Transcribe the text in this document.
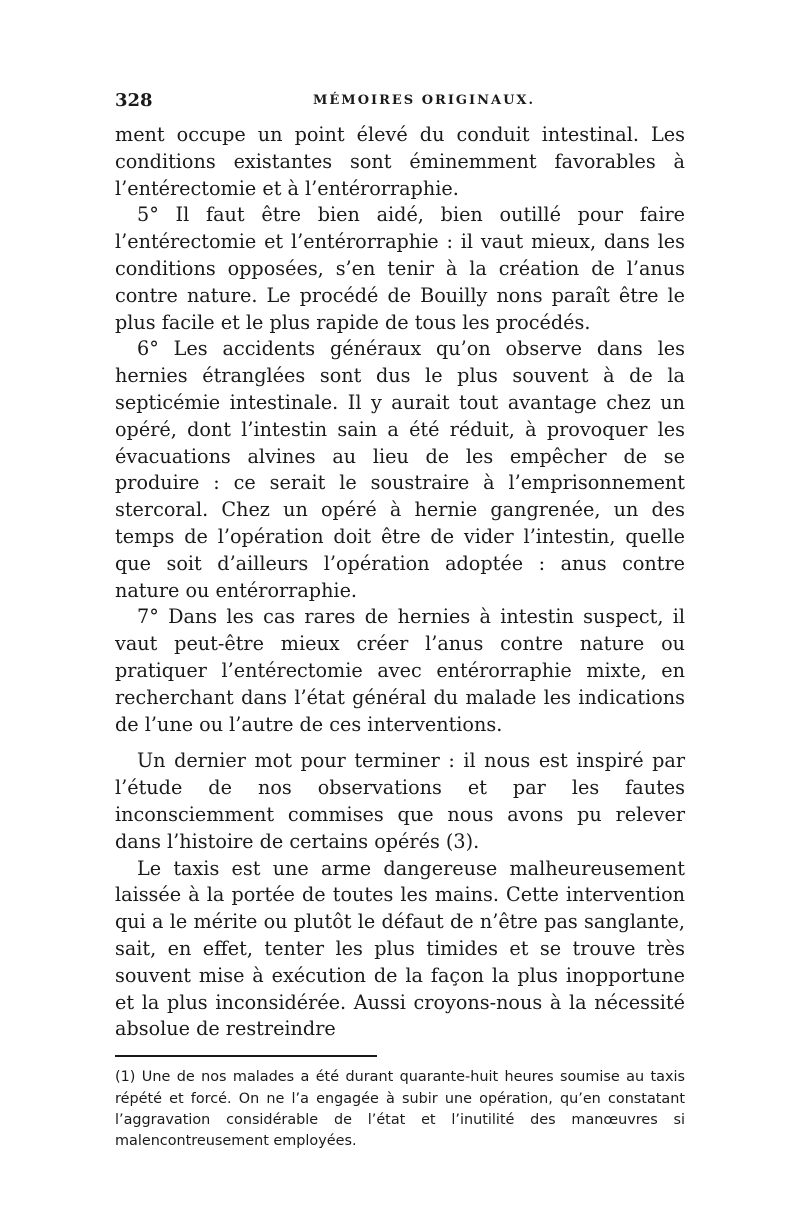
328	MÉMOIRES ORIGINAUX.

ment occupe un point élevé du conduit intestinal. Les conditions existantes sont éminemment favorables à l’entérectomie et à l’entérorraphie.

5° Il faut être bien aidé, bien outillé pour faire l’entérectomie et l’entérorraphie : il vaut mieux, dans les conditions opposées, s’en tenir à la création de l’anus contre nature. Le procédé de Bouilly nons paraît être le plus facile et le plus rapide de tous les procédés.

6° Les accidents généraux qu’on observe dans les hernies étranglées sont dus le plus souvent à de la septicémie intestinale. Il y aurait tout avantage chez un opéré, dont l’intestin sain a été réduit, à provoquer les évacuations alvines au lieu de les empêcher de se produire : ce serait le soustraire à l’emprisonnement stercoral. Chez un opéré à hernie gangrenée, un des temps de l’opération doit être de vider l’intestin, quelle que soit d’ailleurs l’opération adoptée : anus contre nature ou entérorraphie.

7° Dans les cas rares de hernies à intestin suspect, il vaut peut-être mieux créer l’anus contre nature ou pratiquer l’entérectomie avec entérorraphie mixte, en recherchant dans l’état général du malade les indications de l’une ou l’autre de ces interventions.

Un dernier mot pour terminer : il nous est inspiré par l’étude de nos observations et par les fautes inconsciemment commises que nous avons pu relever dans l’histoire de certains opérés (3).

Le taxis est une arme dangereuse malheureusement laissée à la portée de toutes les mains. Cette intervention qui a le mérite ou plutôt le défaut de n’être pas sanglante, sait, en effet, tenter les plus timides et se trouve très souvent mise à exécution de la façon la plus inopportune et la plus inconsidérée. Aussi croyons-nous à la nécessité absolue de restreindre

(1) Une de nos malades a été durant quarante-huit heures soumise au taxis répété et forcé. On ne l’a engagée à subir une opération, qu’en constatant l’aggravation considérable de l’état et l’inutilité des manœuvres si malencontreusement employées.
